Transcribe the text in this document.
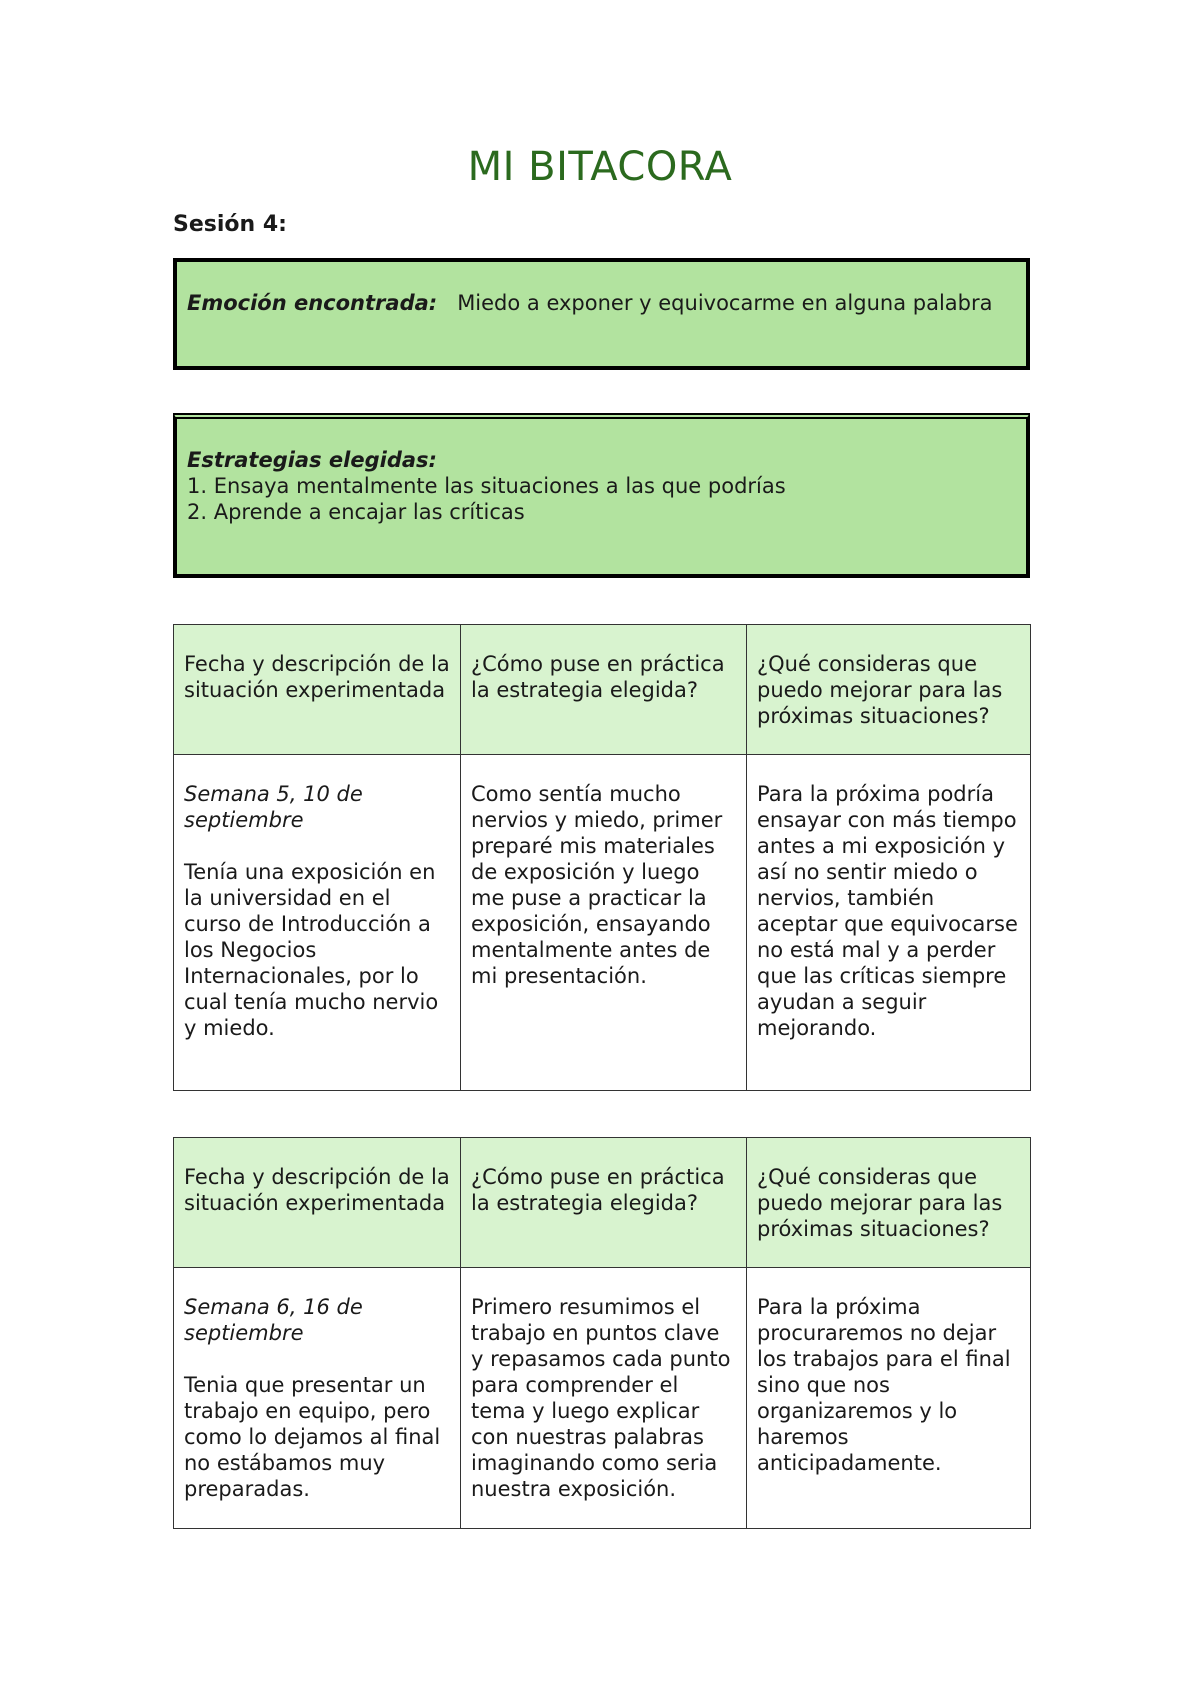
MI BITACORA
Sesión 4:
Emoción encontrada: Miedo a exponer y equivocarme en alguna palabra
Estrategias elegidas:
1. Ensaya mentalmente las situaciones a las que podrías
2. Aprende a encajar las críticas
Fecha y descripción de la situación experimentada	¿Cómo puse en práctica la estrategia elegida?	¿Qué consideras que puedo mejorar para las próximas situaciones?

Semana 5, 10 de septiembre
Tenía una exposición en la universidad en el curso de Introducción a los Negocios Internacionales, por lo cual tenía mucho nervio y miedo.	Como sentía mucho nervios y miedo, primer preparé mis materiales de exposición y luego me puse a practicar la exposición, ensayando mentalmente antes de mi presentación.	Para la próxima podría ensayar con más tiempo antes a mi exposición y así no sentir miedo o nervios, también aceptar que equivocarse no está mal y a perder que las críticas siempre ayudan a seguir mejorando.
Fecha y descripción de la situación experimentada	¿Cómo puse en práctica la estrategia elegida?	¿Qué consideras que puedo mejorar para las próximas situaciones?

Semana 6, 16 de septiembre
Tenia que presentar un trabajo en equipo, pero como lo dejamos al final no estábamos muy preparadas.	Primero resumimos el trabajo en puntos clave y repasamos cada punto para comprender el tema y luego explicar con nuestras palabras imaginando como seria nuestra exposición.	Para la próxima procuraremos no dejar los trabajos para el final sino que nos organizaremos y lo haremos anticipadamente.
